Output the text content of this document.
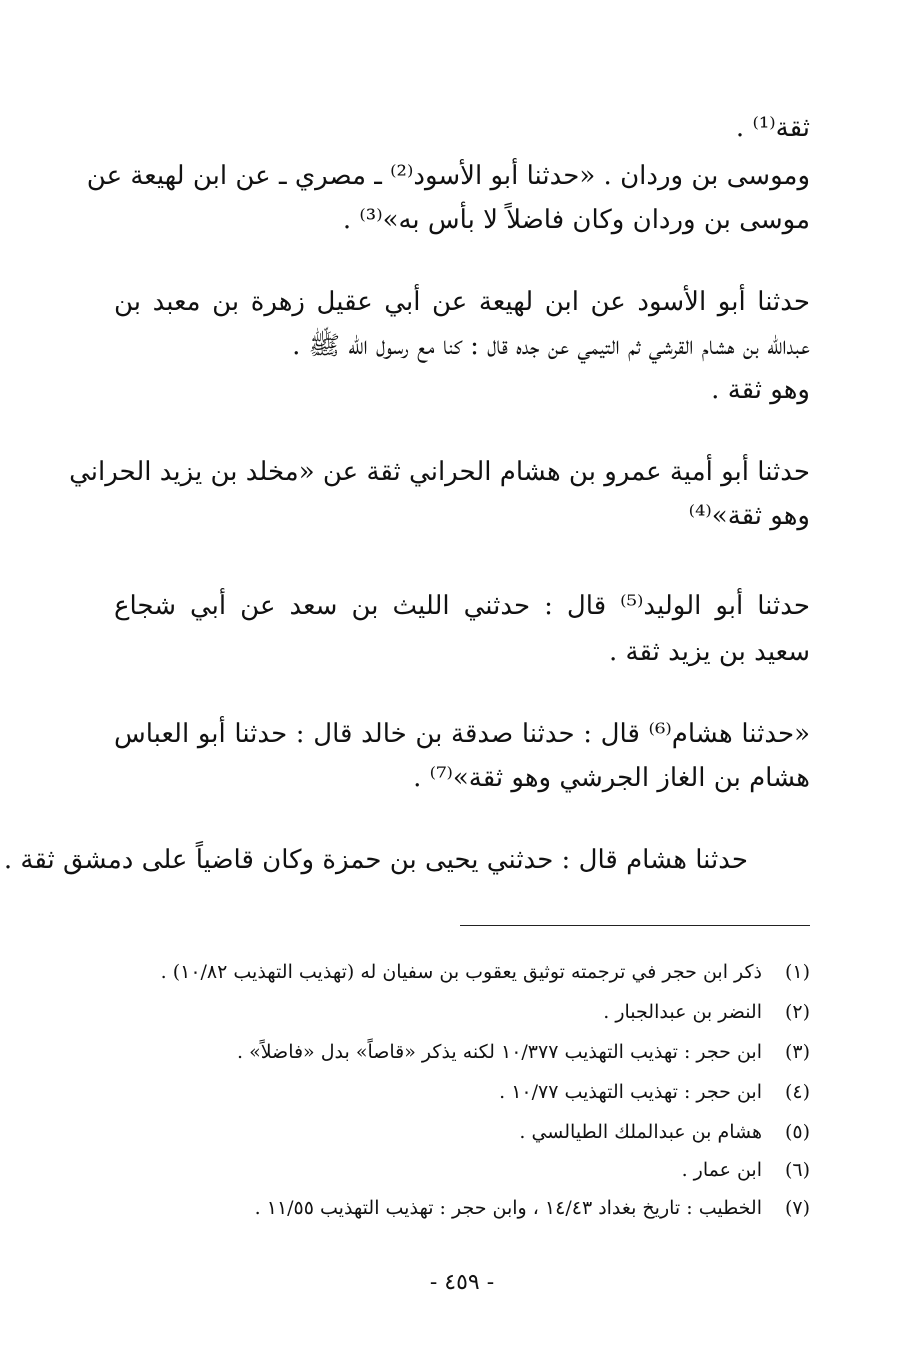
ثقة⁽¹⁾ .
وموسى بن وردان . «حدثنا أبو الأسود⁽²⁾ ـ مصري ـ عن ابن لهيعة عن
موسى بن وردان وكان فاضلاً لا بأس به»⁽³⁾ .
حدثنا أبو الأسود عن ابن لهيعة عن أبي عقيل زهرة بن معبد بن
عبدالله بن هشام القرشي ثم التيمي عن جده قال : كنا مع رسول الله ﷺ .
وهو ثقة .
حدثنا أبو أمية عمرو بن هشام الحراني ثقة عن «مخلد بن يزيد الحراني
وهو ثقة»⁽⁴⁾
حدثنا أبو الوليد⁽⁵⁾ قال : حدثني الليث بن سعد عن أبي شجاع
سعيد بن يزيد ثقة .
«حدثنا هشام⁽⁶⁾ قال : حدثنا صدقة بن خالد قال : حدثنا أبو العباس
هشام بن الغاز الجرشي وهو ثقة»⁽⁷⁾ .
حدثنا هشام قال : حدثني يحيى بن حمزة وكان قاضياً على دمشق ثقة .
(١)ذكر ابن حجر في ترجمته توثيق يعقوب بن سفيان له (تهذيب التهذيب ١٠/٨٢) .
(٢)النضر بن عبدالجبار .
(٣)ابن حجر : تهذيب التهذيب ١٠/٣٧٧ لكنه يذكر «قاصاً» بدل «فاضلاً» .
(٤)ابن حجر : تهذيب التهذيب ١٠/٧٧ .
(٥)هشام بن عبدالملك الطيالسي .
(٦)ابن عمار .
(٧)الخطيب : تاريخ بغداد ١٤/٤٣ ، وابن حجر : تهذيب التهذيب ١١/٥٥ .
- ٤٥٩ -
